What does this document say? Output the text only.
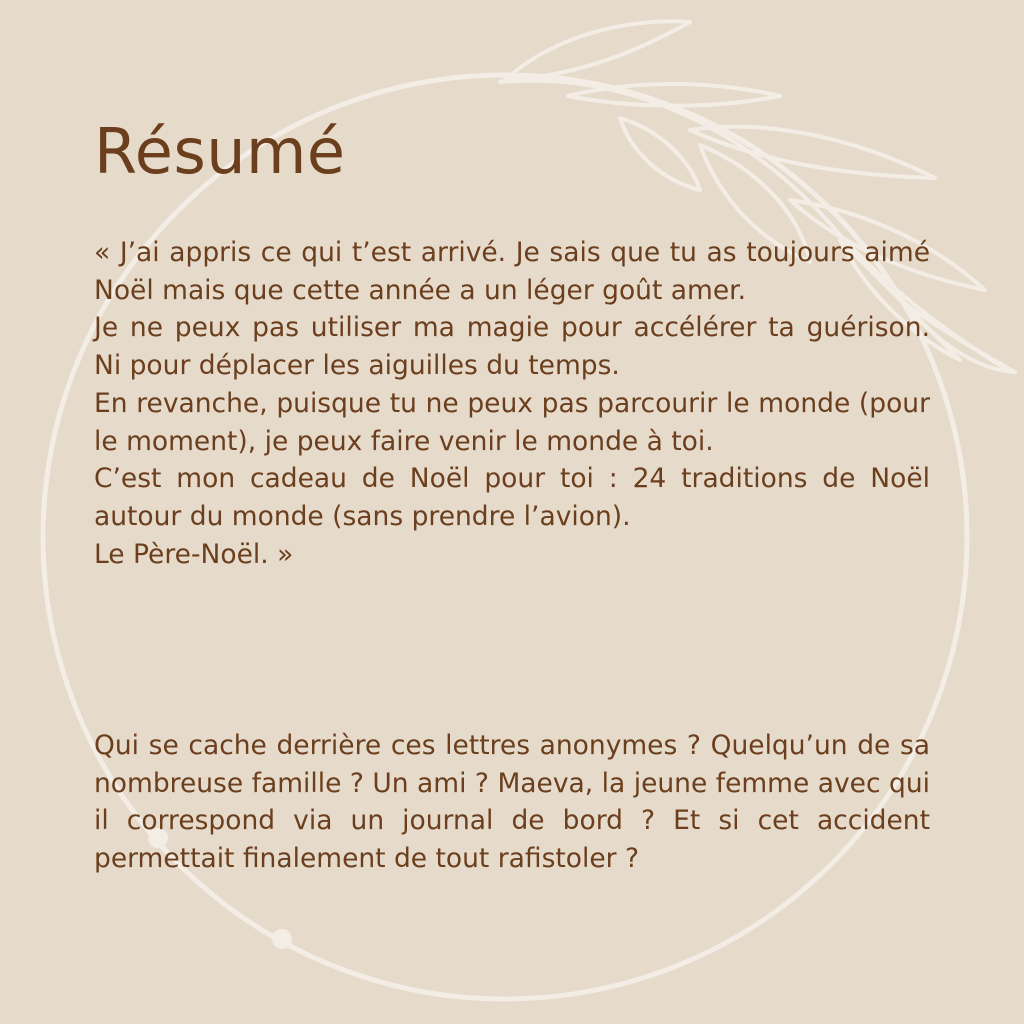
Résumé

« J’ai appris ce qui t’est arrivé. Je sais que tu as toujours aimé Noël mais que cette année a un léger goût amer.

Je ne peux pas utiliser ma magie pour accélérer ta guérison. Ni pour déplacer les aiguilles du temps.

En revanche, puisque tu ne peux pas parcourir le monde (pour le moment), je peux faire venir le monde à toi.

C’est mon cadeau de Noël pour toi : 24 traditions de Noël autour du monde (sans prendre l’avion).

Le Père-Noël. »

Qui se cache derrière ces lettres anonymes ? Quelqu’un de sa nombreuse famille ? Un ami ? Maeva, la jeune femme avec qui il correspond via un journal de bord ? Et si cet accident permettait finalement de tout rafistoler ?
